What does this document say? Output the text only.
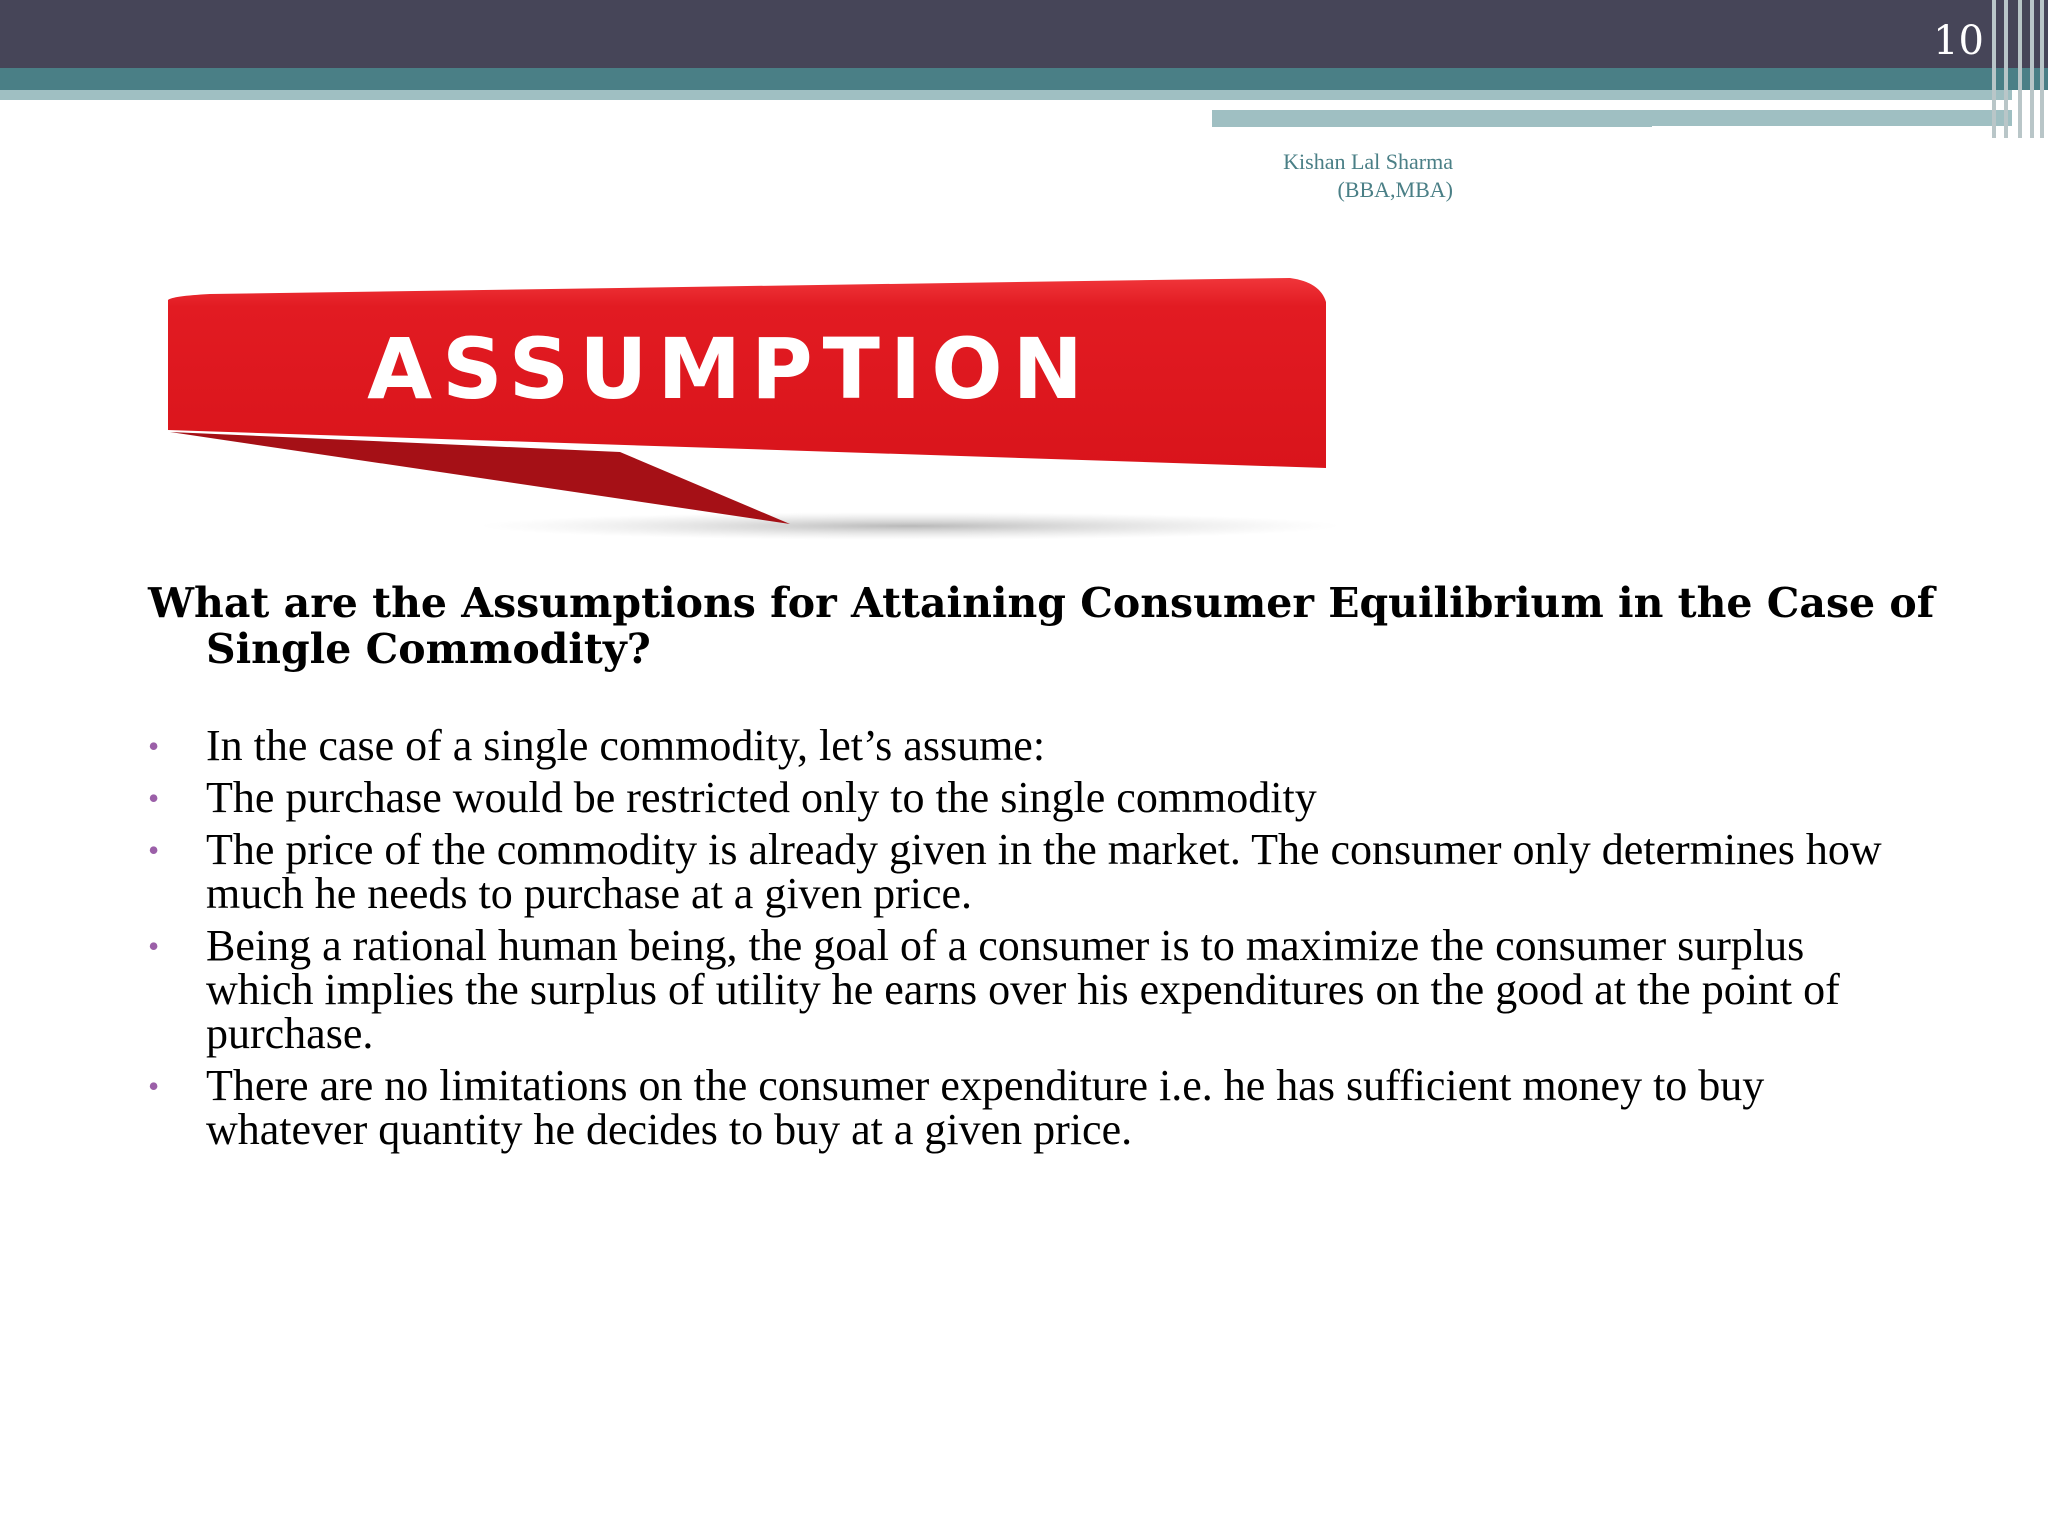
10
Kishan Lal Sharma
(BBA,MBA)
ASSUMPTION
What are the Assumptions for Attaining Consumer Equilibrium in the Case of Single Commodity?
• In the case of a single commodity, let’s assume:
• The purchase would be restricted only to the single commodity
• The price of the commodity is already given in the market. The consumer only determines how much he needs to purchase at a given price.
• Being a rational human being, the goal of a consumer is to maximize the consumer surplus which implies the surplus of utility he earns over his expenditures on the good at the point of purchase.
• There are no limitations on the consumer expenditure i.e. he has sufficient money to buy whatever quantity he decides to buy at a given price.
